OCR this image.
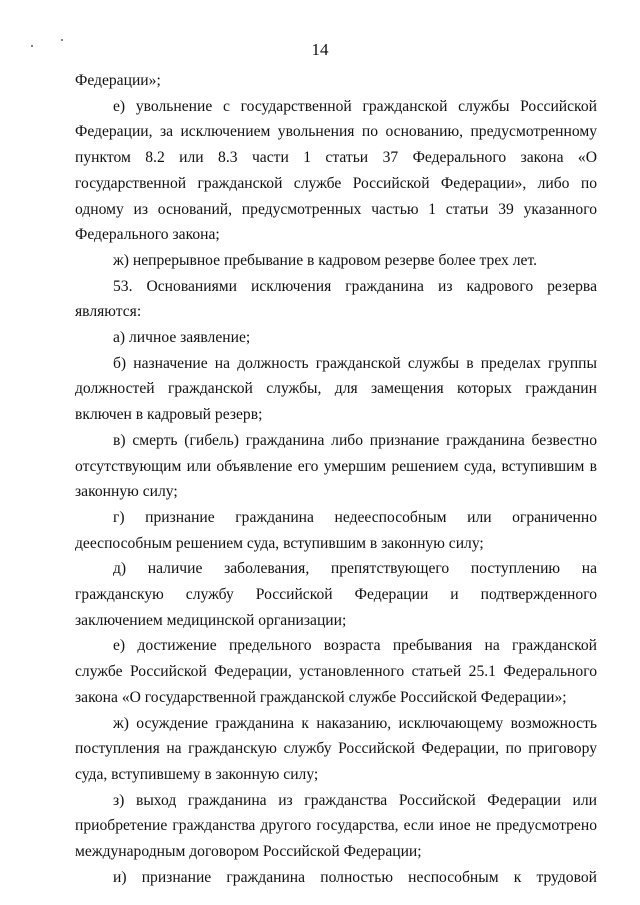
14

Федерации»;

е) увольнение с государственной гражданской службы Российской Федерации, за исключением увольнения по основанию, предусмотренному пунктом 8.2 или 8.3 части 1 статьи 37 Федерального закона «О государственной гражданской службе Российской Федерации», либо по одному из оснований, предусмотренных частью 1 статьи 39 указанного Федерального закона;

ж) непрерывное пребывание в кадровом резерве более трех лет.

53. Основаниями исключения гражданина из кадрового резерва являются:

а) личное заявление;

б) назначение на должность гражданской службы в пределах группы должностей гражданской службы, для замещения которых гражданин включен в кадровый резерв;

в) смерть (гибель) гражданина либо признание гражданина безвестно отсутствующим или объявление его умершим решением суда, вступившим в законную силу;

г) признание гражданина недееспособным или ограниченно дееспособным решением суда, вступившим в законную силу;

д) наличие заболевания, препятствующего поступлению на гражданскую службу Российской Федерации и подтвержденного заключением медицинской организации;

е) достижение предельного возраста пребывания на гражданской службе Российской Федерации, установленного статьей 25.1 Федерального закона «О государственной гражданской службе Российской Федерации»;

ж) осуждение гражданина к наказанию, исключающему возможность поступления на гражданскую службу Российской Федерации, по приговору суда, вступившему в законную силу;

з) выход гражданина из гражданства Российской Федерации или приобретение гражданства другого государства, если иное не предусмотрено международным договором Российской Федерации;

и) признание гражданина полностью неспособным к трудовой
